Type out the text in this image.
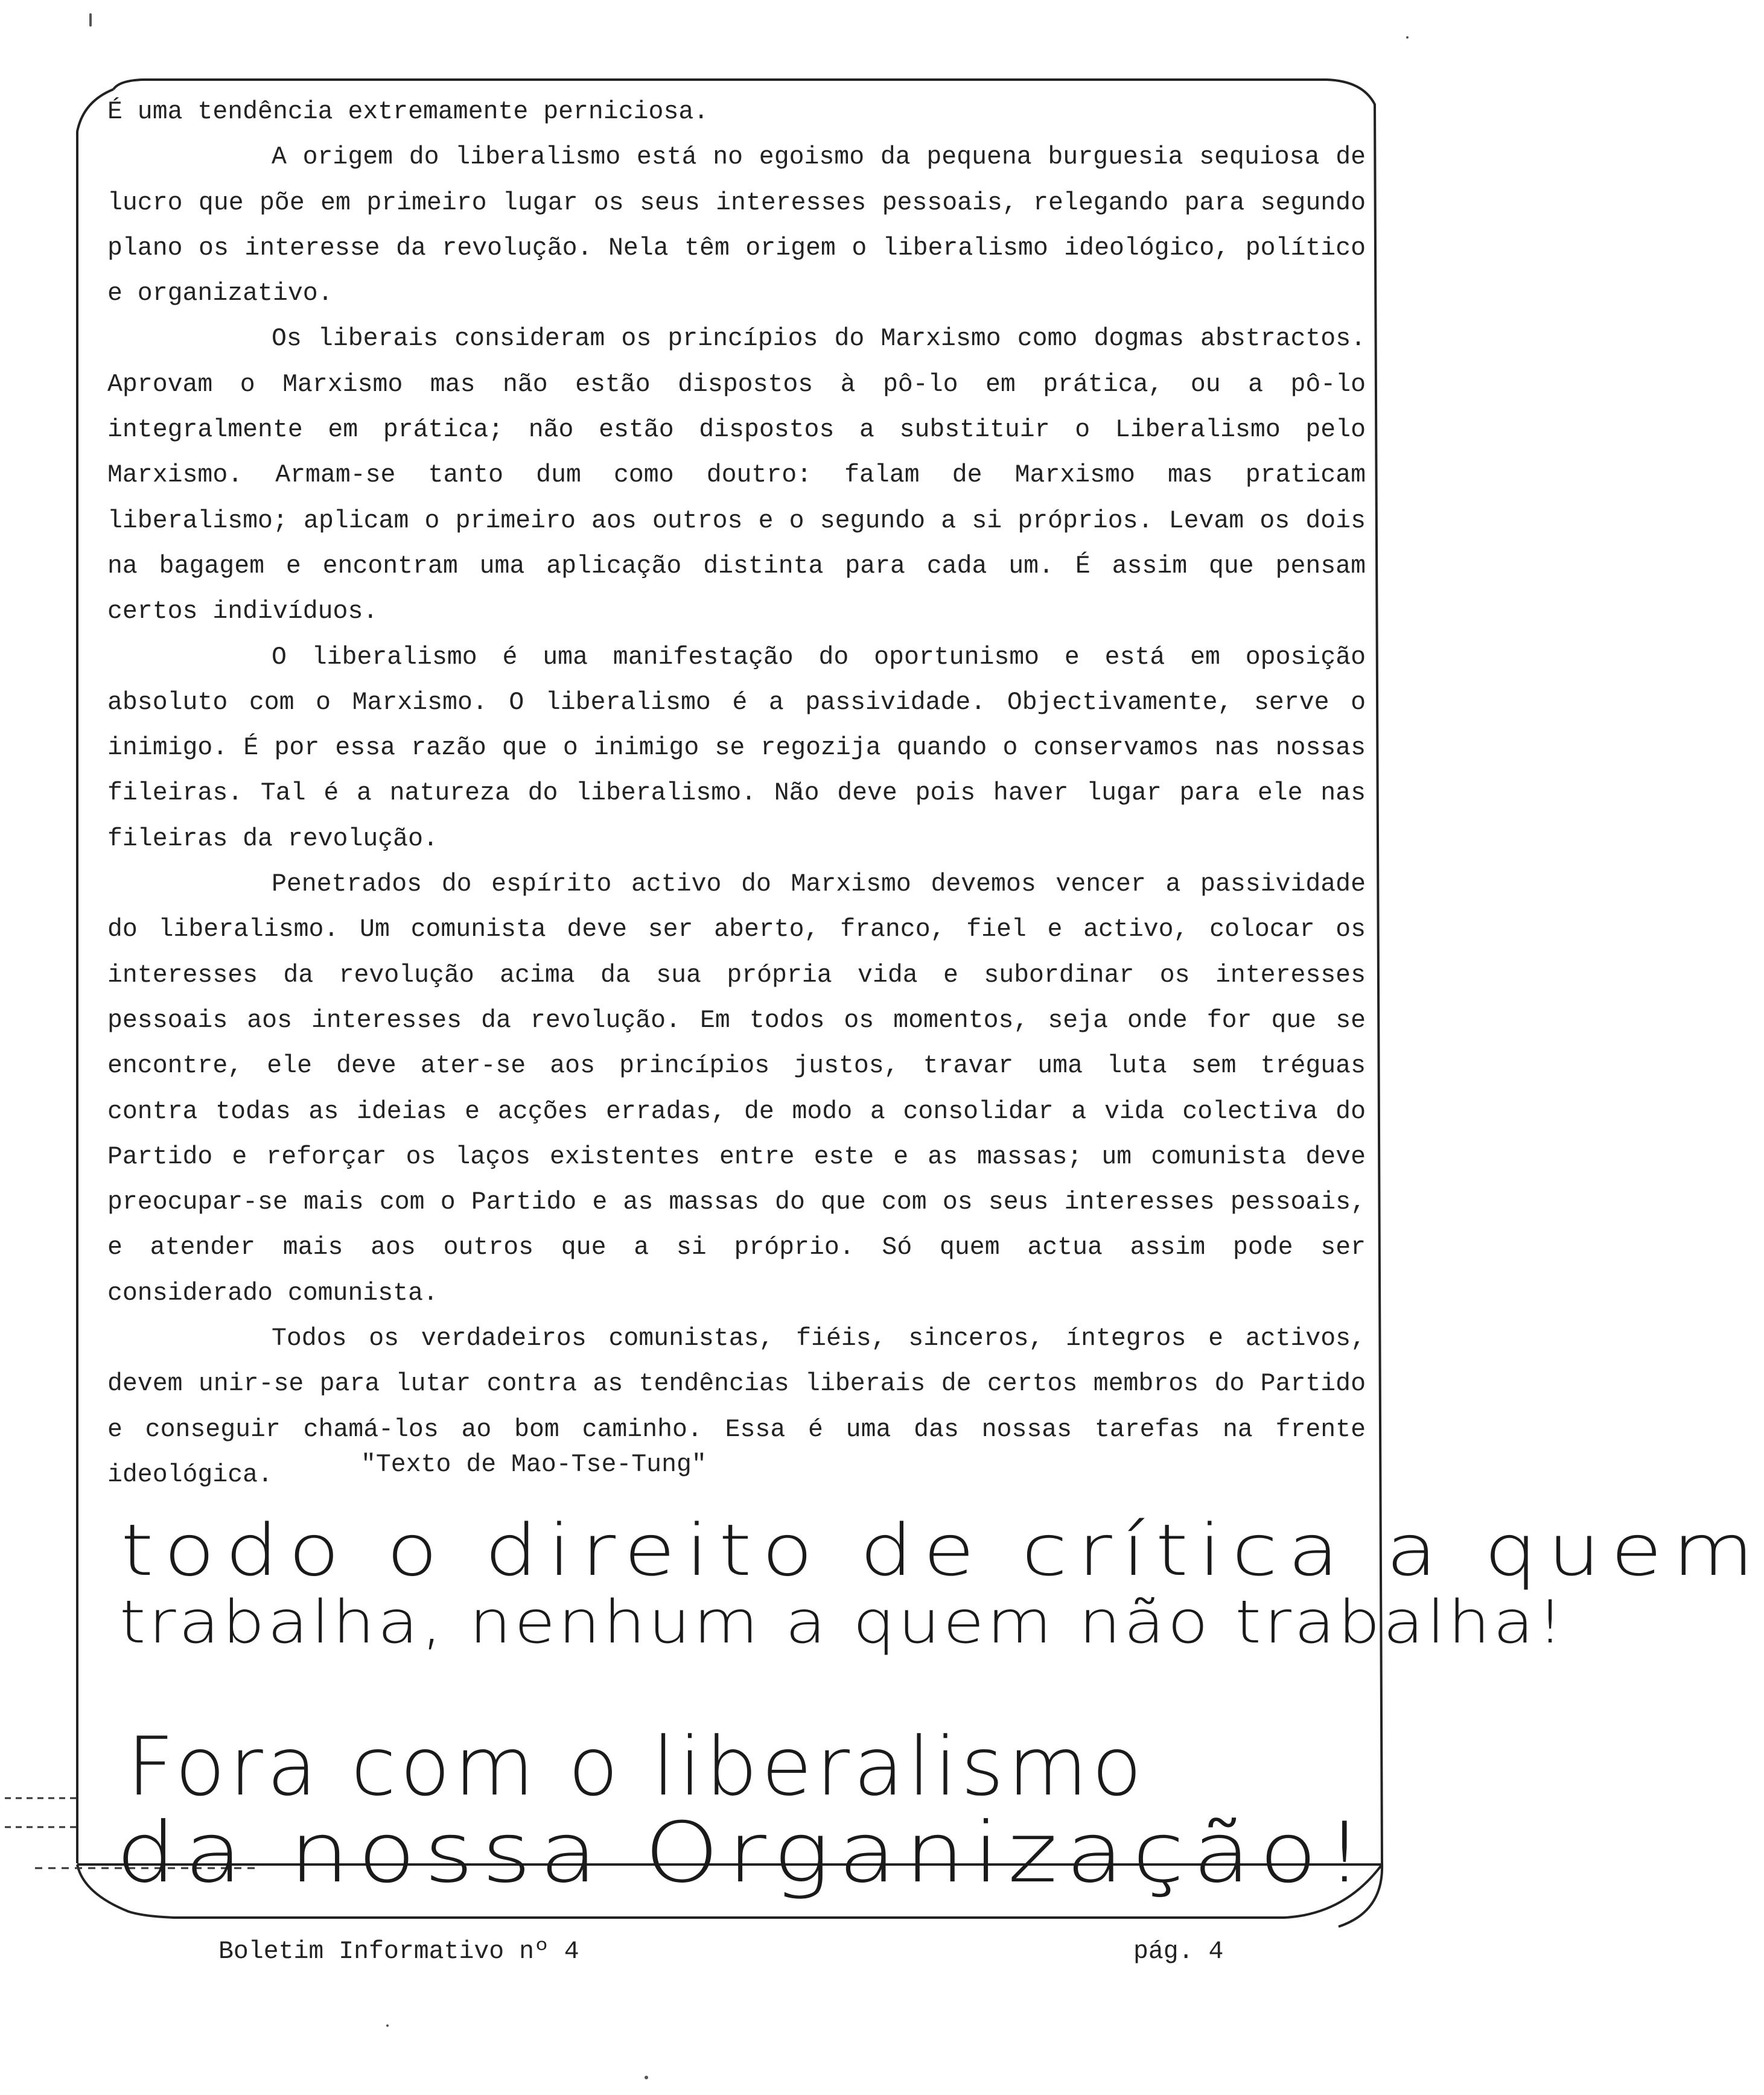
É uma tendência extremamente perniciosa.

A origem do liberalismo está no egoismo da pequena burguesia sequiosa de lucro que põe em primeiro lugar os seus interesses pessoais, relegando para segundo plano os interesse da revolução. Nela têm origem o liberalismo ideológico, político e organizativo.

Os liberais consideram os princípios do Marxismo como dogmas abstractos. Aprovam o Marxismo mas não estão dispostos à pô-lo em prática, ou a pô-lo integralmente em prática; não estão dispostos a substituir o Liberalismo pelo Marxismo. Armam-se tanto dum como doutro: falam de Marxismo mas praticam liberalismo; aplicam o primeiro aos outros e o segundo a si próprios. Levam os dois na bagagem e encontram uma aplicação distinta para cada um. É assim que pensam certos indivíduos.

O liberalismo é uma manifestação do oportunismo e está em oposição absoluto com o Marxismo. O liberalismo é a passividade. Objectivamente, serve o inimigo. É por essa razão que o inimigo se regozija quando o conservamos nas nossas fileiras. Tal é a natureza do liberalismo. Não deve pois haver lugar para ele nas fileiras da revolução.

Penetrados do espírito activo do Marxismo devemos vencer a passividade do liberalismo. Um comunista deve ser aberto, franco, fiel e activo, colocar os interesses da revolução acima da sua própria vida e subordinar os interesses pessoais aos interesses da revolução. Em todos os momentos, seja onde for que se encontre, ele deve ater-se aos princípios justos, travar uma luta sem tréguas contra todas as ideias e acções erradas, de modo a consolidar a vida colectiva do Partido e reforçar os laços existentes entre este e as massas; um comunista deve preocupar-se mais com o Partido e as massas do que com os seus interesses pessoais, e atender mais aos outros que a si próprio. Só quem actua assim pode ser considerado comunista.

Todos os verdadeiros comunistas, fiéis, sinceros, íntegros e activos, devem unir-se para lutar contra as tendências liberais de certos membros do Partido e conseguir chamá-los ao bom caminho. Essa é uma das nossas tarefas na frente ideológica.	"Texto de Mao-Tse-Tung"
todo o direito de crítica a quem
trabalha, nenhum a quem não trabalha!
Fora com o liberalismo
da nossa Organização!
Boletim Informativo nº 4	pág. 4
